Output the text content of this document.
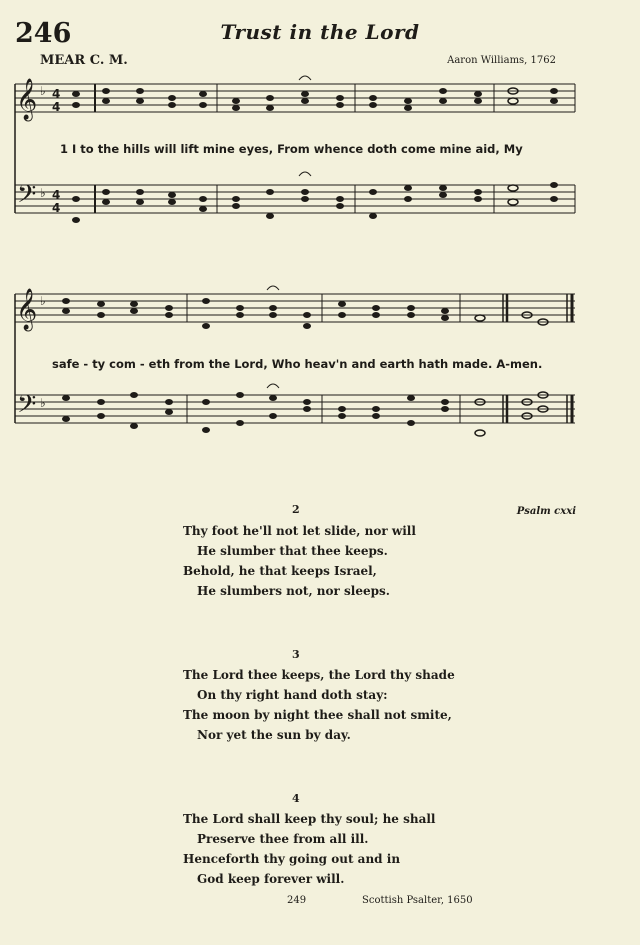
246	Trust in the Lord
MEAR C. M.	Aaron Williams, 1762
𝄞
𝄢
♭ 4
4
♭ 4
4
1 I to the hills will lift mine eyes, From whence doth come mine aid, My
𝄞
𝄢
♭
♭
safe - ty com - eth from the Lord, Who heav'n and earth hath made. A-men.
Psalm cxxi
2
Thy foot he'll not let slide, nor will
He slumber that thee keeps.
Behold, he that keeps Israel,
He slumbers not, nor sleeps.
3
The Lord thee keeps, the Lord thy shade
On thy right hand doth stay:
The moon by night thee shall not smite,
Nor yet the sun by day.
4
The Lord shall keep thy soul; he shall
Preserve thee from all ill.
Henceforth thy going out and in
God keep forever will.
249	Scottish Psalter, 1650
